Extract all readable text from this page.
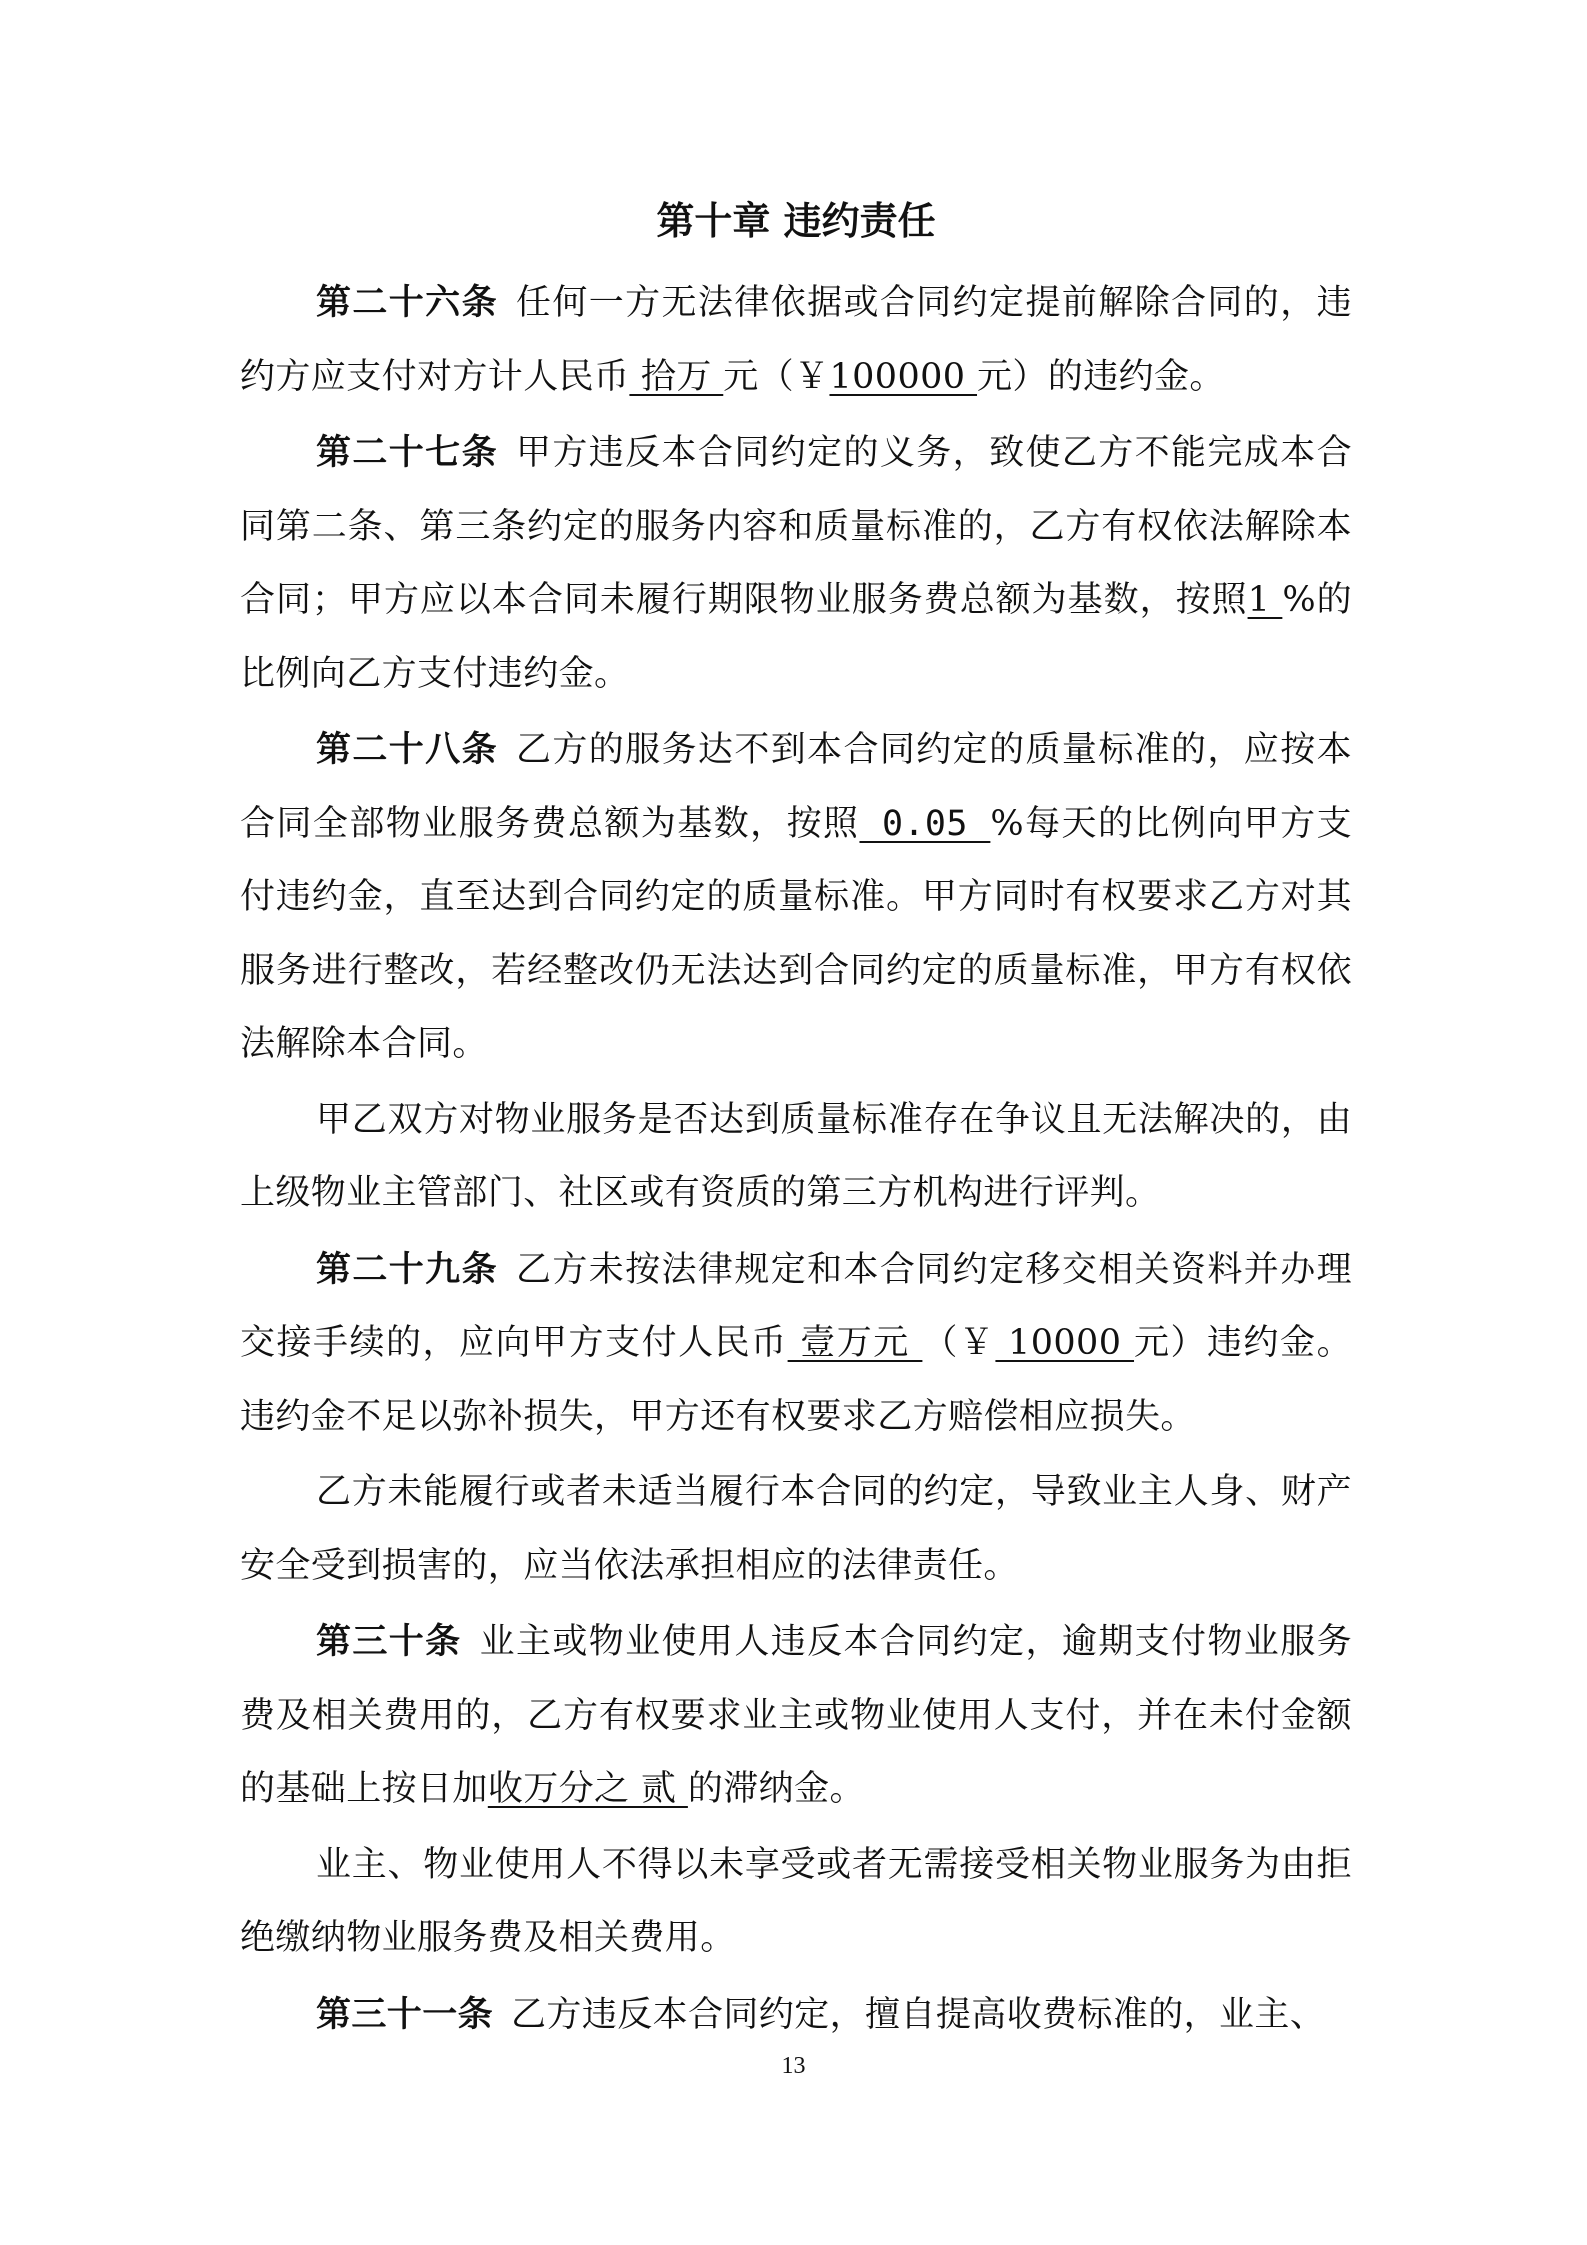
第十章 违约责任

第二十六条 任何一方无法律依据或合同约定提前解除合同的，违约方应支付对方计人民币 拾万 元（￥100000 元）的违约金。

第二十七条 甲方违反本合同约定的义务，致使乙方不能完成本合同第二条、第三条约定的服务内容和质量标准的，乙方有权依法解除本合同；甲方应以本合同未履行期限物业服务费总额为基数，按照1 %的比例向乙方支付违约金。

第二十八条 乙方的服务达不到本合同约定的质量标准的，应按本合同全部物业服务费总额为基数，按照 0.05 %每天的比例向甲方支付违约金，直至达到合同约定的质量标准。甲方同时有权要求乙方对其服务进行整改，若经整改仍无法达到合同约定的质量标准，甲方有权依法解除本合同。

甲乙双方对物业服务是否达到质量标准存在争议且无法解决的，由上级物业主管部门、社区或有资质的第三方机构进行评判。

第二十九条 乙方未按法律规定和本合同约定移交相关资料并办理交接手续的，应向甲方支付人民币 壹万元 （￥ 10000 元）违约金。违约金不足以弥补损失，甲方还有权要求乙方赔偿相应损失。

乙方未能履行或者未适当履行本合同的约定，导致业主人身、财产安全受到损害的，应当依法承担相应的法律责任。

第三十条 业主或物业使用人违反本合同约定，逾期支付物业服务费及相关费用的，乙方有权要求业主或物业使用人支付，并在未付金额的基础上按日加收万分之 贰 的滞纳金。

业主、物业使用人不得以未享受或者无需接受相关物业服务为由拒绝缴纳物业服务费及相关费用。

第三十一条 乙方违反本合同约定，擅自提高收费标准的，业主、

13
